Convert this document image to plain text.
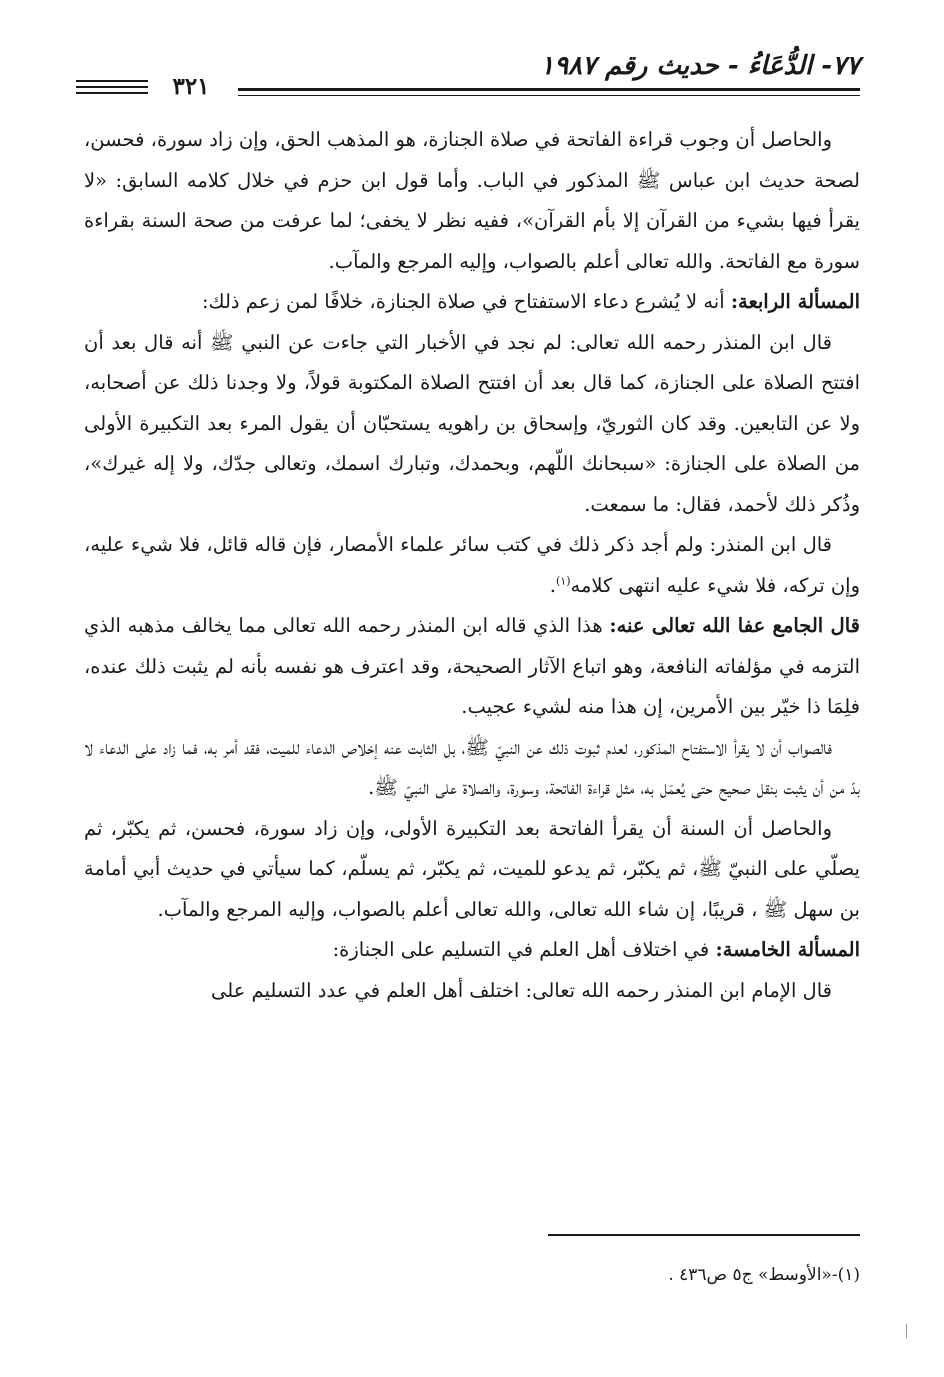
٧٧- الدُّعَاءُ - حديث رقم ١٩٨٧
٣٢١

والحاصل أن وجوب قراءة الفاتحة في صلاة الجنازة، هو المذهب الحق، وإن زاد سورة، فحسن، لصحة حديث ابن عباس ﷺ المذكور في الباب. وأما قول ابن حزم في خلال كلامه السابق: «لا يقرأ فيها بشيء من القرآن إلا بأم القرآن»، ففيه نظر لا يخفى؛ لما عرفت من صحة السنة بقراءة سورة مع الفاتحة. والله تعالى أعلم بالصواب، وإليه المرجع والمآب.

المسألة الرابعة: أنه لا يُشرع دعاء الاستفتاح في صلاة الجنازة، خلافًا لمن زعم ذلك:

قال ابن المنذر رحمه الله تعالى: لم نجد في الأخبار التي جاءت عن النبي ﷺ أنه قال بعد أن افتتح الصلاة على الجنازة، كما قال بعد أن افتتح الصلاة المكتوبة قولاً، ولا وجدنا ذلك عن أصحابه، ولا عن التابعين. وقد كان الثوريّ، وإسحاق بن راهويه يستحبّان أن يقول المرء بعد التكبيرة الأولى من الصلاة على الجنازة: «سبحانك اللّهم، وبحمدك، وتبارك اسمك، وتعالى جدّك، ولا إله غيرك»، وذُكر ذلك لأحمد، فقال: ما سمعت.

قال ابن المنذر: ولم أجد ذكر ذلك في كتب سائر علماء الأمصار، فإن قاله قائل، فلا شيء عليه، وإن تركه، فلا شيء عليه انتهى كلامه$^{(١)}$.

قال الجامع عفا الله تعالى عنه: هذا الذي قاله ابن المنذر رحمه الله تعالى مما يخالف مذهبه الذي التزمه في مؤلفاته النافعة، وهو اتباع الآثار الصحيحة، وقد اعترف هو نفسه بأنه لم يثبت ذلك عنده، فلِمَا ذا خيّر بين الأمرين، إن هذا منه لشيء عجيب.

فالصواب أن لا يقرأ الاستفتاح المذكور، لعدم ثبوت ذلك عن النبيّ ﷺ، بل الثابت عنه إخلاص الدعاء للميت، فقد أمر به، فما زاد على الدعاء لا بدّ من أن يثبت بنقل صحيح حتى يُعمَل به، مثل قراءة الفاتحة، وسورة، والصلاة على النبيّ ﷺ.

والحاصل أن السنة أن يقرأ الفاتحة بعد التكبيرة الأولى، وإن زاد سورة، فحسن، ثم يكبّر، ثم يصلّي على النبيّ ﷺ، ثم يكبّر، ثم يدعو للميت، ثم يكبّر، ثم يسلّم، كما سيأتي في حديث أبي أمامة بن سهل ﷺ ، قريبًا، إن شاء الله تعالى، والله تعالى أعلم بالصواب، وإليه المرجع والمآب.

المسألة الخامسة: في اختلاف أهل العلم في التسليم على الجنازة:

قال الإمام ابن المنذر رحمه الله تعالى: اختلف أهل العلم في عدد التسليم على

(١)-«الأوسط» ج٥ ص٤٣٦ .
